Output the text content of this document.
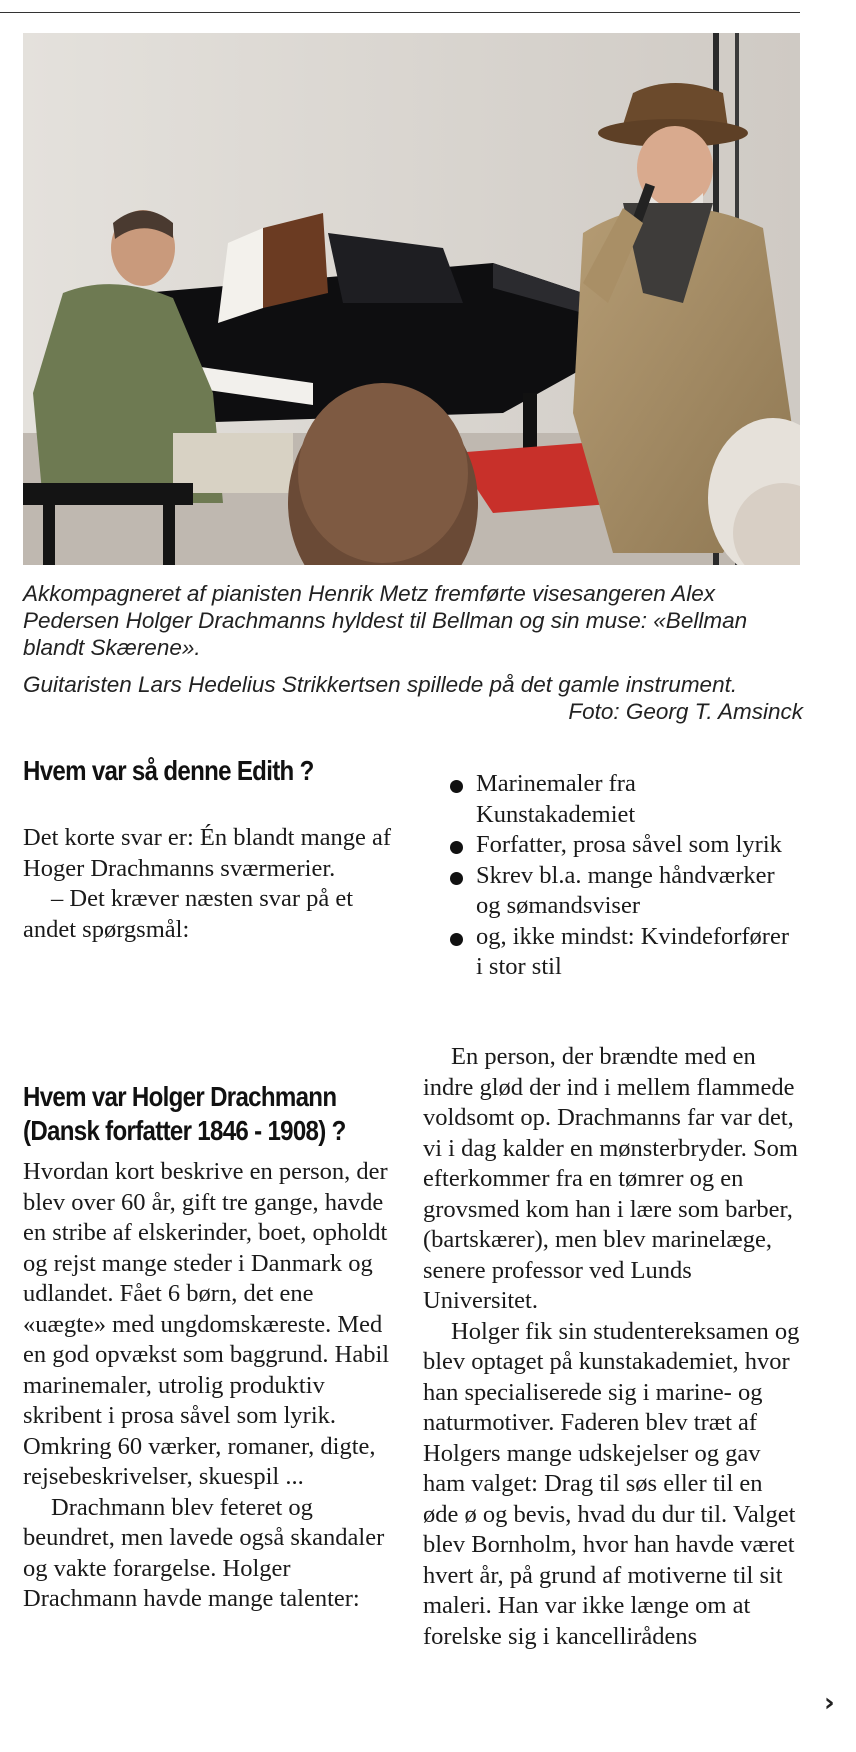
Akkompagneret af pianisten Henrik Metz fremførte visesangeren Alex Pedersen Holger Drachmanns hyldest til Bellman og sin muse: «Bellman blandt Skærene».

Guitaristen Lars Hedelius Strikkertsen spillede på det gamle instrument.

Foto: Georg T. Amsinck

Hvem var så denne Edith ?

Det korte svar er: Én blandt mange af Hoger Drachmanns sværmerier.

– Det kræver næsten svar på et andet spørgsmål:

Hvem var Holger Drachmann
(Dansk forfatter 1846 - 1908) ?

Hvordan kort beskrive en person, der blev over 60 år, gift tre gange, havde en stribe af elskerinder, boet, opholdt og rejst mange steder i Danmark og udlandet. Fået 6 børn, det ene «uægte» med ungdomskæreste. Med en god opvækst som baggrund. Habil marinemaler, utrolig produktiv skribent i prosa såvel som lyrik. Omkring 60 værker, romaner, digte, rejsebeskrivelser, skuespil ...

Drachmann blev feteret og beundret, men lavede også skandaler og vakte forargelse. Holger Drachmann havde mange talenter:

Marinemaler fra Kunstakademiet
Forfatter, prosa såvel som lyrik
Skrev bl.a. mange håndværker og sømandsviser
og, ikke mindst: Kvindeforfører i stor stil

En person, der brændte med en indre glød der ind i mellem flammede voldsomt op. Drachmanns far var det, vi i dag kalder en mønsterbryder. Som efterkommer fra en tømrer og en grovsmed kom han i lære som barber, (bartskærer), men blev marinelæge, senere professor ved Lunds Universitet.

Holger fik sin studentereksamen og blev optaget på kunstakademiet, hvor han specialiserede sig i marine- og naturmotiver. Faderen blev træt af Holgers mange udskejelser og gav ham valget: Drag til søs eller til en øde ø og bevis, hvad du dur til. Valget blev Bornholm, hvor han havde været hvert år, på grund af motiverne til sit maleri. Han var ikke længe om at forelske sig i kancellirådens

›
